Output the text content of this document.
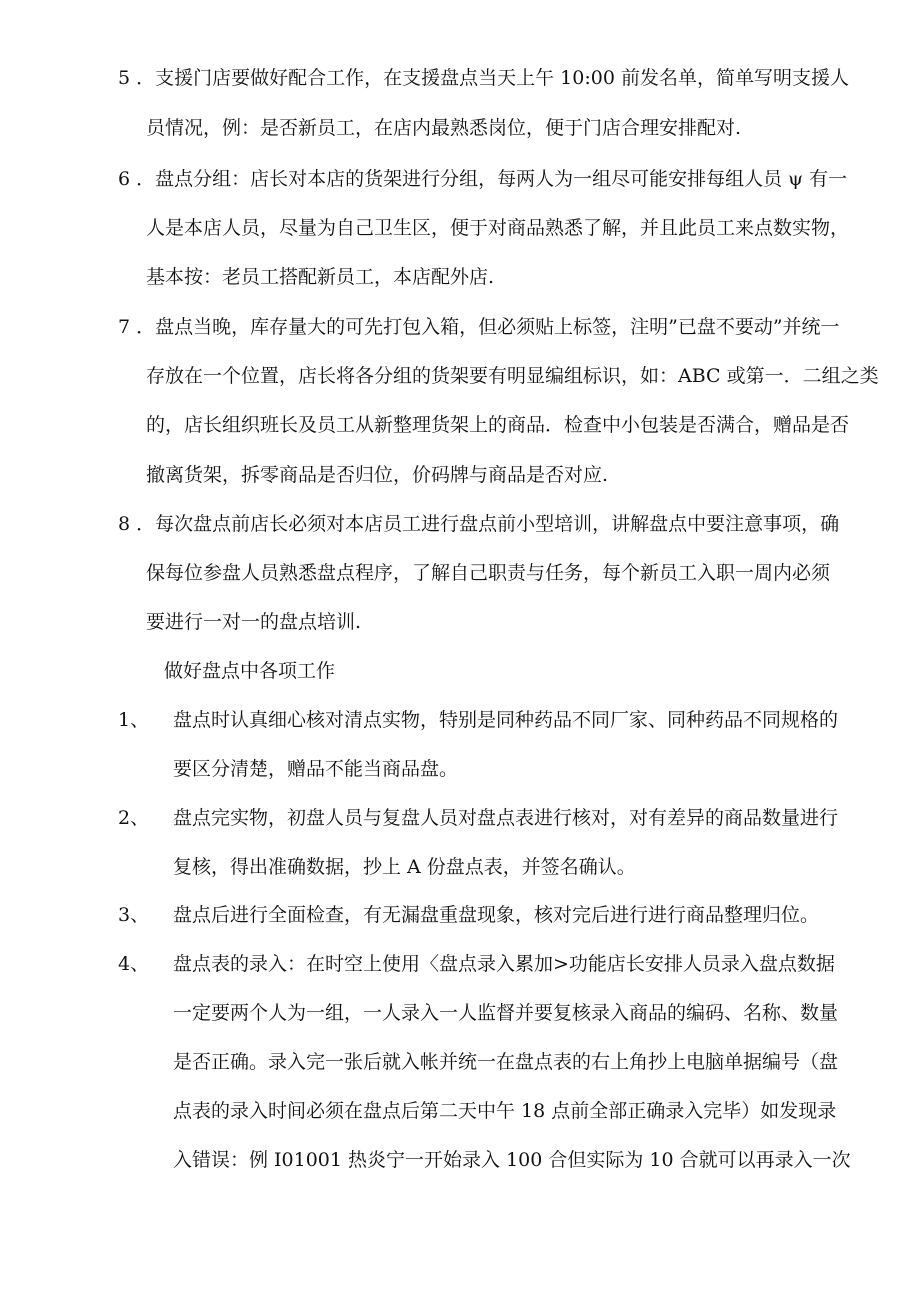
5 ．支援门店要做好配合工作，在支援盘点当天上午 10:00 前发名单，简单写明支援人
员情况，例：是否新员工，在店内最熟悉岗位，便于门店合理安排配对.
6 ．盘点分组：店长对本店的货架进行分组，每两人为一组尽可能安排每组人员 ψ 有一
人是本店人员，尽量为自己卫生区，便于对商品熟悉了解，并且此员工来点数实物，
基本按：老员工搭配新员工，本店配外店.
7 ．盘点当晚，库存量大的可先打包入箱，但必须贴上标签，注明”已盘不要动”并统一
存放在一个位置，店长将各分组的货架要有明显编组标识，如：ABC 或第一．二组之类
的，店长组织班长及员工从新整理货架上的商品．检查中小包装是否满合，赠品是否
撤离货架，拆零商品是否归位，价码牌与商品是否对应.
8 ．每次盘点前店长必须对本店员工进行盘点前小型培训，讲解盘点中要注意事项，确
保每位参盘人员熟悉盘点程序，了解自己职责与任务，每个新员工入职一周内必须
要进行一对一的盘点培训.
做好盘点中各项工作
1、 盘点时认真细心核对清点实物，特别是同种药品不同厂家、同种药品不同规格的
要区分清楚，赠品不能当商品盘。
2、 盘点完实物，初盘人员与复盘人员对盘点表进行核对，对有差异的商品数量进行
复核，得出准确数据，抄上 A 份盘点表，并签名确认。
3、 盘点后进行全面检查，有无漏盘重盘现象，核对完后进行进行商品整理归位。
4、 盘点表的录入：在时空上使用〈盘点录入累加>功能店长安排人员录入盘点数据
一定要两个人为一组，一人录入一人监督并要复核录入商品的编码、名称、数量
是否正确。录入完一张后就入帐并统一在盘点表的右上角抄上电脑单据编号（盘
点表的录入时间必须在盘点后第二天中午 18 点前全部正确录入完毕）如发现录
入错误：例 I01001 热炎宁一开始录入 100 合但实际为 10 合就可以再录入一次
